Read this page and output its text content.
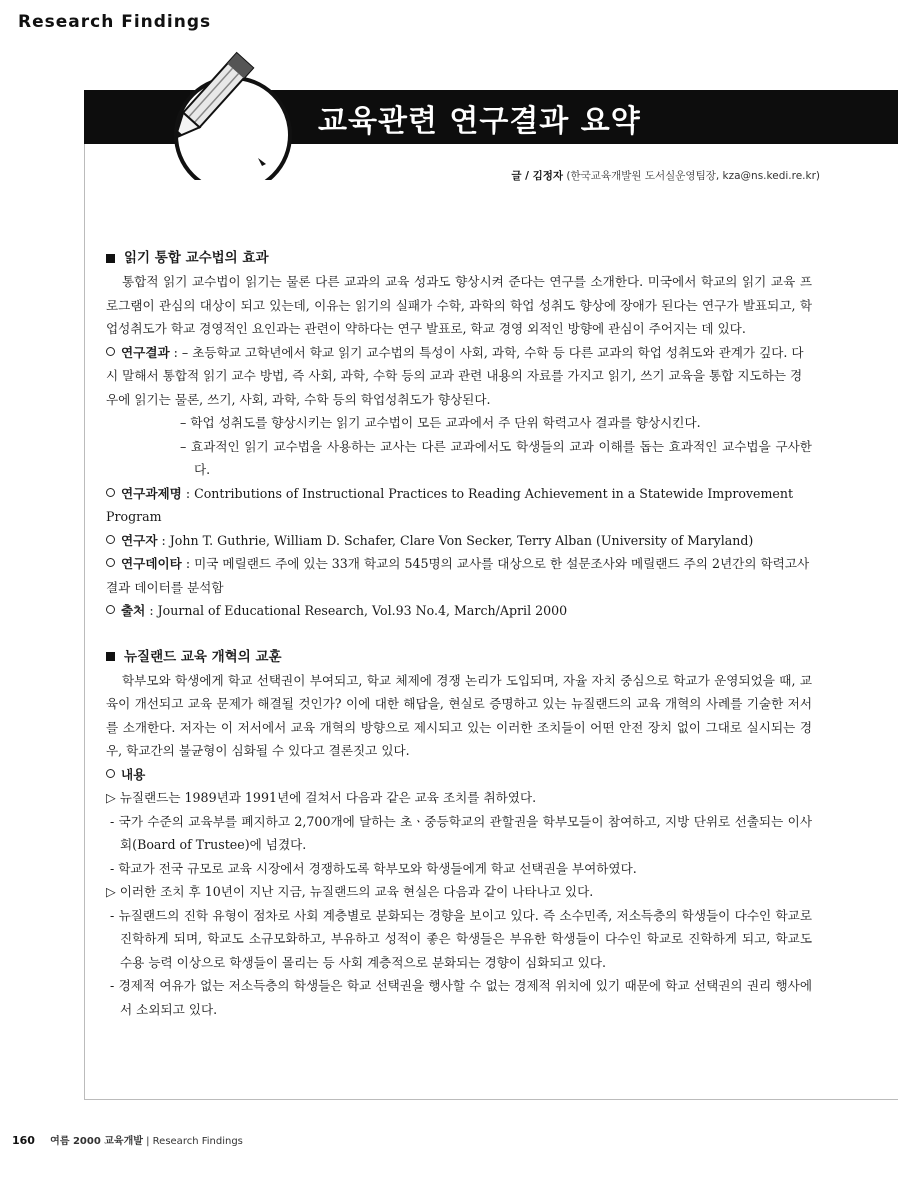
Research Findings
교육관련 연구결과 요약
글 / 김정자 (한국교육개발원 도서실운영팀장, kza@ns.kedi.re.kr)

읽기 통합 교수법의 효과

통합적 읽기 교수법이 읽기는 물론 다른 교과의 교육 성과도 향상시켜 준다는 연구를 소개한다. 미국에서 학교의 읽기 교육 프로그램이 관심의 대상이 되고 있는데, 이유는 읽기의 실패가 수학, 과학의 학업 성취도 향상에 장애가 된다는 연구가 발표되고, 학업성취도가 학교 경영적인 요인과는 관련이 약하다는 연구 발표로, 학교 경영 외적인 방향에 관심이 주어지는 데 있다.

연구결과 : – 초등학교 고학년에서 학교 읽기 교수법의 특성이 사회, 과학, 수학 등 다른 교과의 학업 성취도와 관계가 깊다. 다시 말해서 통합적 읽기 교수 방법, 즉 사회, 과학, 수학 등의 교과 관련 내용의 자료를 가지고 읽기, 쓰기 교육을 통합 지도하는 경우에 읽기는 물론, 쓰기, 사회, 과학, 수학 등의 학업성취도가 향상된다.

– 학업 성취도를 향상시키는 읽기 교수법이 모든 교과에서 주 단위 학력고사 결과를 향상시킨다.

– 효과적인 읽기 교수법을 사용하는 교사는 다른 교과에서도 학생들의 교과 이해를 돕는 효과적인 교수법을 구사한다.

연구과제명 : Contributions of Instructional Practices to Reading Achievement in a Statewide Improvement Program

연구자 : John T. Guthrie, William D. Schafer, Clare Von Secker, Terry Alban (University of Maryland)

연구데이타 : 미국 메릴랜드 주에 있는 33개 학교의 545명의 교사를 대상으로 한 설문조사와 메릴랜드 주의 2년간의 학력고사 결과 데이터를 분석함

출처 : Journal of Educational Research, Vol.93 No.4, March/April 2000

뉴질랜드 교육 개혁의 교훈

학부모와 학생에게 학교 선택권이 부여되고, 학교 체제에 경쟁 논리가 도입되며, 자율 자치 중심으로 학교가 운영되었을 때, 교육이 개선되고 교육 문제가 해결될 것인가? 이에 대한 해답을, 현실로 증명하고 있는 뉴질랜드의 교육 개혁의 사례를 기술한 저서를 소개한다. 저자는 이 저서에서 교육 개혁의 방향으로 제시되고 있는 이러한 조치들이 어떤 안전 장치 없이 그대로 실시되는 경우, 학교간의 불균형이 심화될 수 있다고 결론짓고 있다.

내용

▷ 뉴질랜드는 1989년과 1991년에 걸쳐서 다음과 같은 교육 조치를 취하였다.

- 국가 수준의 교육부를 폐지하고 2,700개에 달하는 초ㆍ중등학교의 관할권을 학부모들이 참여하고, 지방 단위로 선출되는 이사회(Board of Trustee)에 넘겼다.

- 학교가 전국 규모로 교육 시장에서 경쟁하도록 학부모와 학생들에게 학교 선택권을 부여하였다.

▷ 이러한 조치 후 10년이 지난 지금, 뉴질랜드의 교육 현실은 다음과 같이 나타나고 있다.

- 뉴질랜드의 진학 유형이 점차로 사회 계층별로 분화되는 경향을 보이고 있다. 즉 소수민족, 저소득층의 학생들이 다수인 학교로 진학하게 되며, 학교도 소규모화하고, 부유하고 성적이 좋은 학생들은 부유한 학생들이 다수인 학교로 진학하게 되고, 학교도 수용 능력 이상으로 학생들이 몰리는 등 사회 계층적으로 분화되는 경향이 심화되고 있다.

- 경제적 여유가 없는 저소득층의 학생들은 학교 선택권을 행사할 수 없는 경제적 위치에 있기 때문에 학교 선택권의 권리 행사에서 소외되고 있다.

160 여름 2000 교육개발 | Research Findings
